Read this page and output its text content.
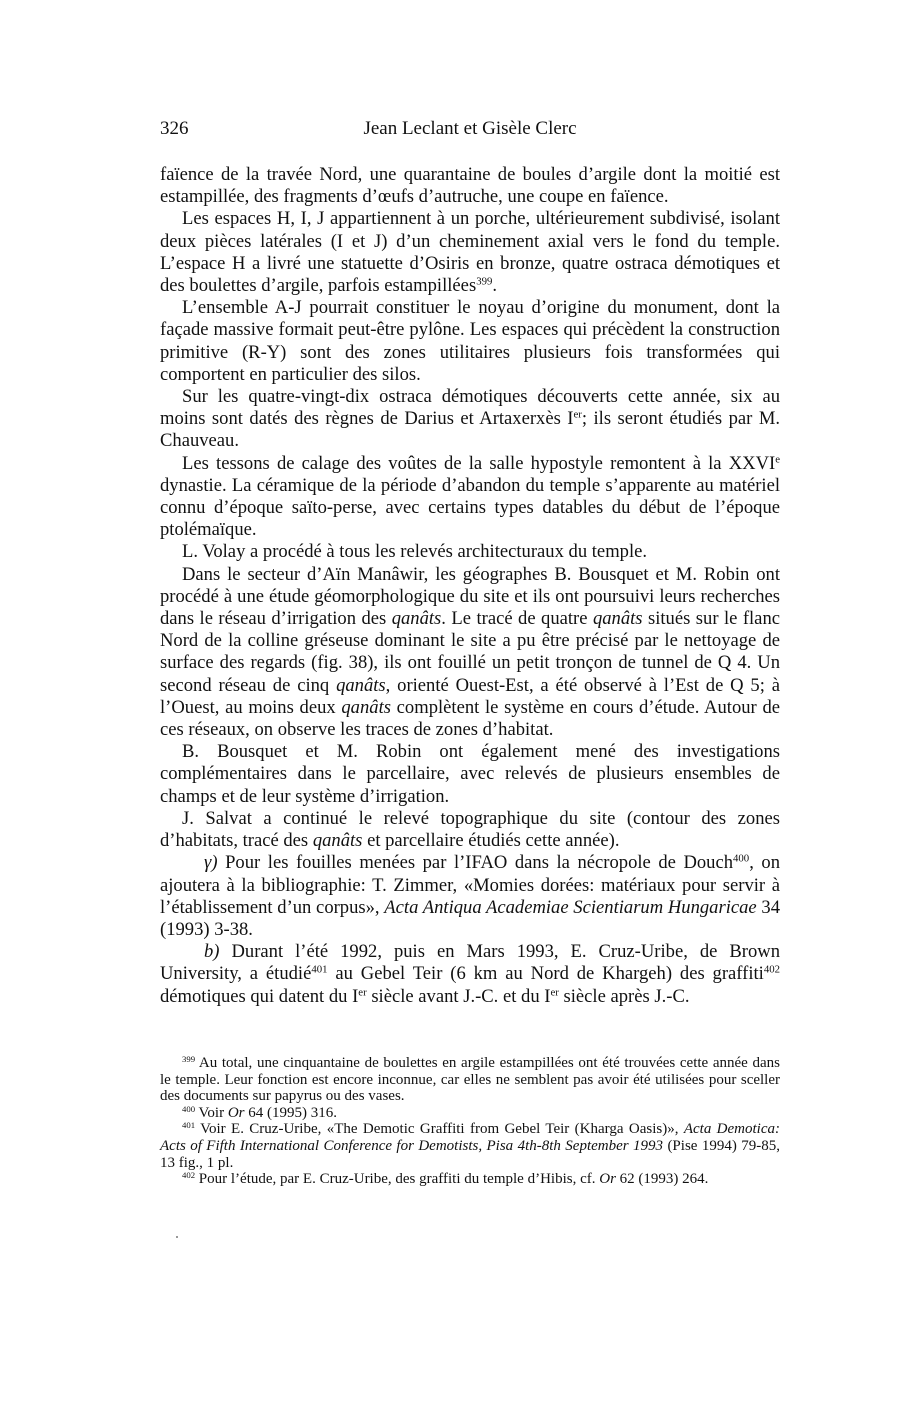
326	Jean Leclant et Gisèle Clerc

faïence de la travée Nord, une quarantaine de boules d’argile dont la moitié est estampillée, des fragments d’œufs d’autruche, une coupe en faïence.

Les espaces H, I, J appartiennent à un porche, ultérieurement subdivisé, isolant deux pièces latérales (I et J) d’un cheminement axial vers le fond du temple. L’espace H a livré une statuette d’Osiris en bronze, quatre ostraca démotiques et des boulettes d’argile, parfois estampillées$^{399}$.

L’ensemble A-J pourrait constituer le noyau d’origine du monument, dont la façade massive formait peut-être pylône. Les espaces qui précèdent la construction primitive (R-Y) sont des zones utilitaires plusieurs fois transformées qui comportent en particulier des silos.

Sur les quatre-vingt-dix ostraca démotiques découverts cette année, six au moins sont datés des règnes de Darius et Artaxerxès Ier; ils seront étudiés par M. Chauveau.

Les tessons de calage des voûtes de la salle hypostyle remontent à la XXVIe dynastie. La céramique de la période d’abandon du temple s’apparente au matériel connu d’époque saïto-perse, avec certains types datables du début de l’époque ptolémaïque.

L. Volay a procédé à tous les relevés architecturaux du temple.

Dans le secteur d’Aïn Manâwir, les géographes B. Bousquet et M. Robin ont procédé à une étude géomorphologique du site et ils ont poursuivi leurs recherches dans le réseau d’irrigation des qanâts. Le tracé de quatre qanâts situés sur le flanc Nord de la colline gréseuse dominant le site a pu être précisé par le nettoyage de surface des regards (fig. 38), ils ont fouillé un petit tronçon de tunnel de Q 4. Un second réseau de cinq qanâts, orienté Ouest-Est, a été observé à l’Est de Q 5; à l’Ouest, au moins deux qanâts complètent le système en cours d’étude. Autour de ces réseaux, on observe les traces de zones d’habitat.

B. Bousquet et M. Robin ont également mené des investigations complémentaires dans le parcellaire, avec relevés de plusieurs ensembles de champs et de leur système d’irrigation.

J. Salvat a continué le relevé topographique du site (contour des zones d’habitats, tracé des qanâts et parcellaire étudiés cette année).

γ) Pour les fouilles menées par l’IFAO dans la nécropole de Douch$^{400}$, on ajoutera à la bibliographie: T. Zimmer, «Momies dorées: matériaux pour servir à l’établissement d’un corpus», Acta Antiqua Academiae Scientiarum Hungaricae 34 (1993) 3-38.

b) Durant l’été 1992, puis en Mars 1993, E. Cruz-Uribe, de Brown University, a étudié$^{401}$ au Gebel Teir (6 km au Nord de Khargeh) des graffiti$^{402}$ démotiques qui datent du Ier siècle avant J.-C. et du Ier siècle après J.-C.

$^{399}$ Au total, une cinquantaine de boulettes en argile estampillées ont été trouvées cette année dans le temple. Leur fonction est encore inconnue, car elles ne semblent pas avoir été utilisées pour sceller des documents sur papyrus ou des vases.

$^{400}$ Voir Or 64 (1995) 316.

$^{401}$ Voir E. Cruz-Uribe, «The Demotic Graffiti from Gebel Teir (Kharga Oasis)», Acta Demotica: Acts of Fifth International Conference for Demotists, Pisa 4th-8th September 1993 (Pise 1994) 79-85, 13 fig., 1 pl.

$^{402}$ Pour l’étude, par E. Cruz-Uribe, des graffiti du temple d’Hibis, cf. Or 62 (1993) 264.
